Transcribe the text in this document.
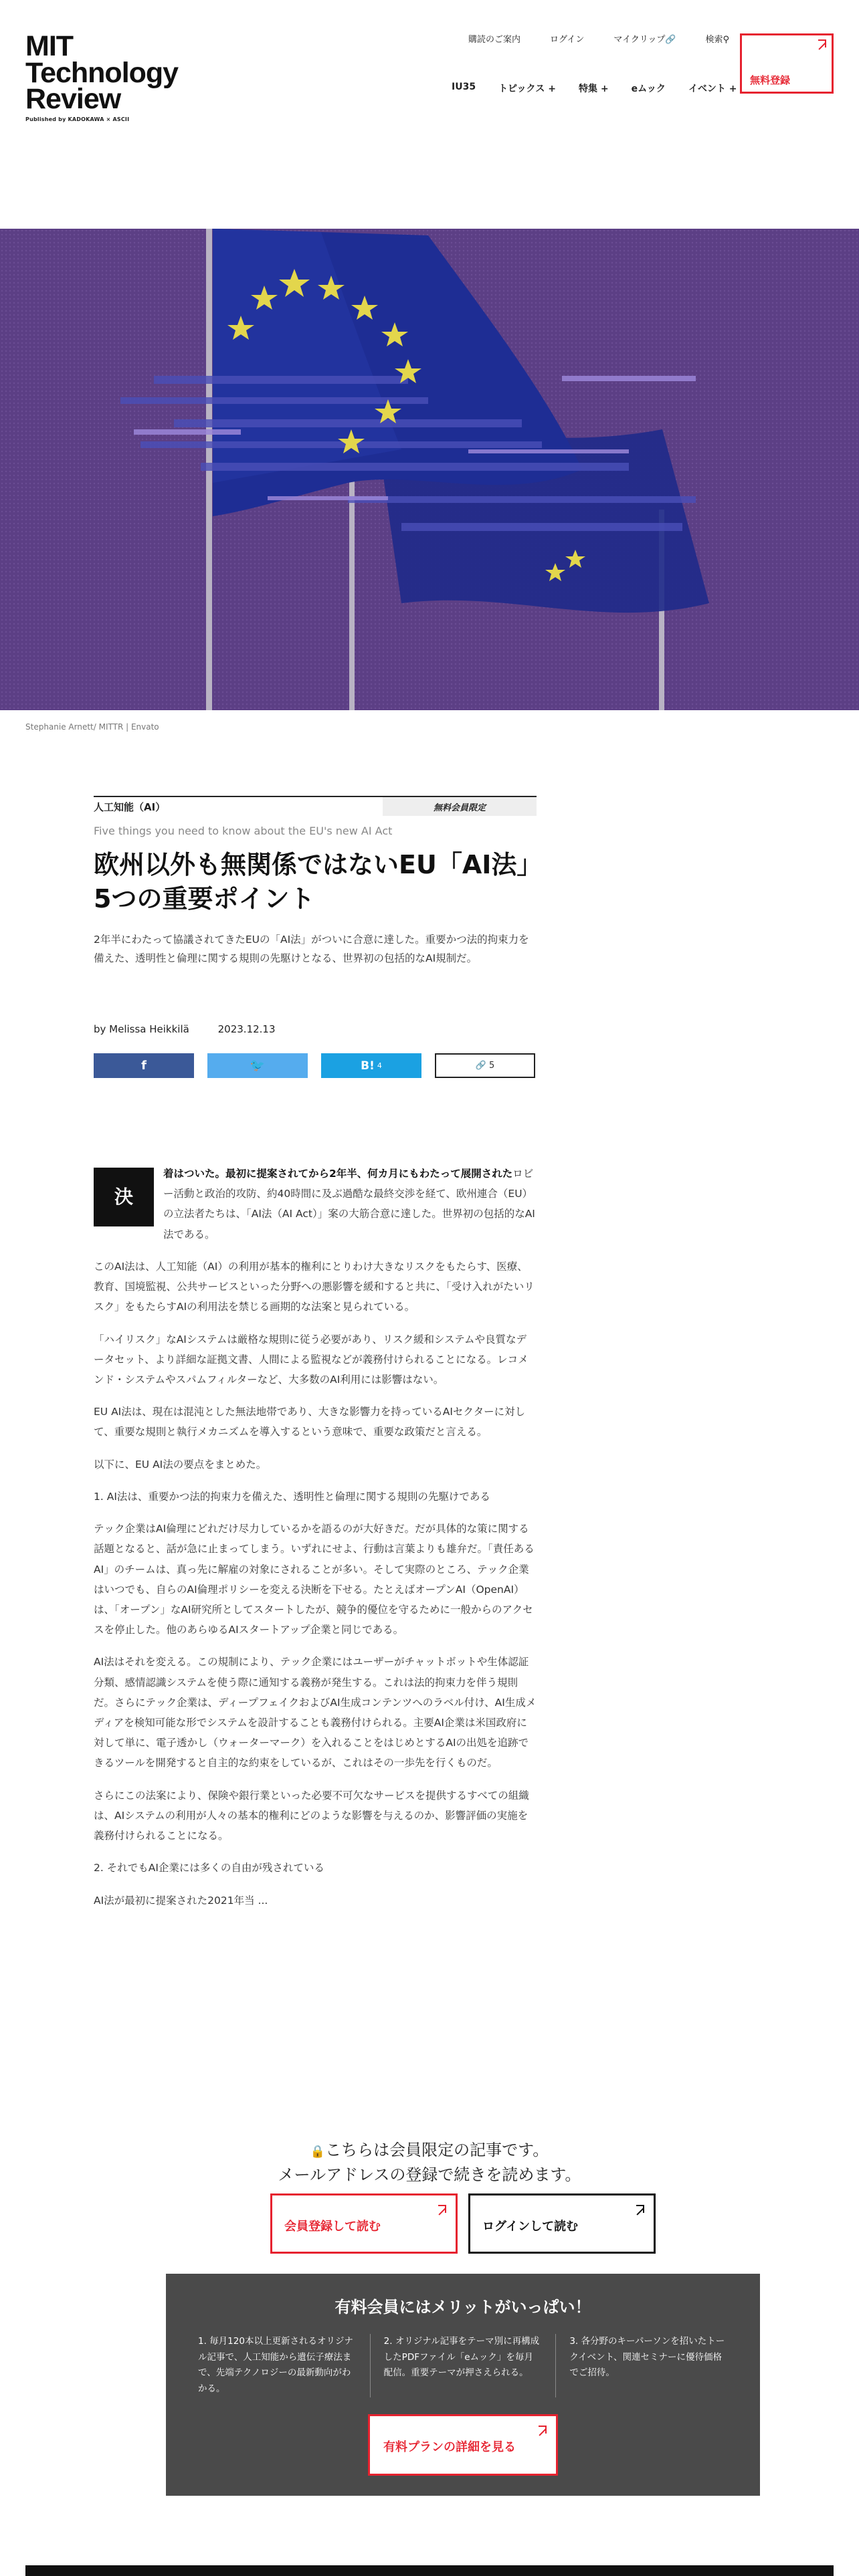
MIT
Technology
Review
Published by KADOKAWA × ASCII
購読のご案内	ログイン	マイクリップ🔗	検索⚲
IU35 トピックス + 特集 + eムック イベント +
無料登録
Stephanie Arnett/ MITTR | Envato
人工知能（AI）	無料会員限定
Five things you need to know about the EU's new AI Act
欧州以外も無関係ではないEU「AI法」5つの重要ポイント

2年半にわたって協議されてきたEUの「AI法」がついに合意に達した。重要かつ法的拘束力を備えた、透明性と倫理に関する規則の先駆けとなる、世界初の包括的なAI規制だ。

by Melissa Heikkilä	2023.12.13
f	🐦	B! 4	🔗 5

決
着はついた。最初に提案されてから2年半、何カ月にもわたって展開されたロビー活動と政治的攻防、約40時間に及ぶ過酷な最終交渉を経て、欧州連合（EU）の立法者たちは、「AI法（AI Act）」案の大筋合意に達した。世界初の包括的なAI法である。

このAI法は、人工知能（AI）の利用が基本的権利にとりわけ大きなリスクをもたらす、医療、教育、国境監視、公共サービスといった分野への悪影響を緩和すると共に、「受け入れがたいリスク」をもたらすAIの利用法を禁じる画期的な法案と見られている。

「ハイリスク」なAIシステムは厳格な規則に従う必要があり、リスク緩和システムや良質なデータセット、より詳細な証拠文書、人間による監視などが義務付けられることになる。レコメンド・システムやスパムフィルターなど、大多数のAI利用には影響はない。

EU AI法は、現在は混沌とした無法地帯であり、大きな影響力を持っているAIセクターに対して、重要な規則と執行メカニズムを導入するという意味で、重要な政策だと言える。

以下に、EU AI法の要点をまとめた。

1. AI法は、重要かつ法的拘束力を備えた、透明性と倫理に関する規則の先駆けである

テック企業はAI倫理にどれだけ尽力しているかを語るのが大好きだ。だが具体的な策に関する話題となると、話が急に止まってしまう。いずれにせよ、行動は言葉よりも雄弁だ。「責任あるAI」のチームは、真っ先に解雇の対象にされることが多い。そして実際のところ、テック企業はいつでも、自らのAI倫理ポリシーを変える決断を下せる。たとえばオープンAI（OpenAI）は、「オープン」なAI研究所としてスタートしたが、競争的優位を守るために一般からのアクセスを停止した。他のあらゆるAIスタートアップ企業と同じである。

AI法はそれを変える。この規制により、テック企業にはユーザーがチャットボットや生体認証分類、感情認識システムを使う際に通知する義務が発生する。これは法的拘束力を伴う規則だ。さらにテック企業は、ディープフェイクおよびAI生成コンテンツへのラベル付け、AI生成メディアを検知可能な形でシステムを設計することも義務付けられる。主要AI企業は米国政府に対して単に、電子透かし（ウォーターマーク）を入れることをはじめとするAIの出処を追跡できるツールを開発すると自主的な約束をしているが、これはその一歩先を行くものだ。

さらにこの法案により、保険や銀行業といった必要不可欠なサービスを提供するすべての組織は、AIシステムの利用が人々の基本的権利にどのような影響を与えるのか、影響評価の実施を義務付けられることになる。

2. それでもAI企業には多くの自由が残されている

AI法が最初に提案された2021年当 ...

🔒こちらは会員限定の記事です。
メールアドレスの登録で続きを読めます。
会員登録して読む	ログインして読む
有料会員にはメリットがいっぱい！
1. 毎月120本以上更新されるオリジナル記事で、人工知能から遺伝子療法まで、先端テクノロジーの最新動向がわかる。
2. オリジナル記事をテーマ別に再構成したPDFファイル「eムック」を毎月配信。重要テーマが押さえられる。
3. 各分野のキーパーソンを招いたトークイベント、関連セミナーに優待価格でご招待。
有料プランの詳細を見る
